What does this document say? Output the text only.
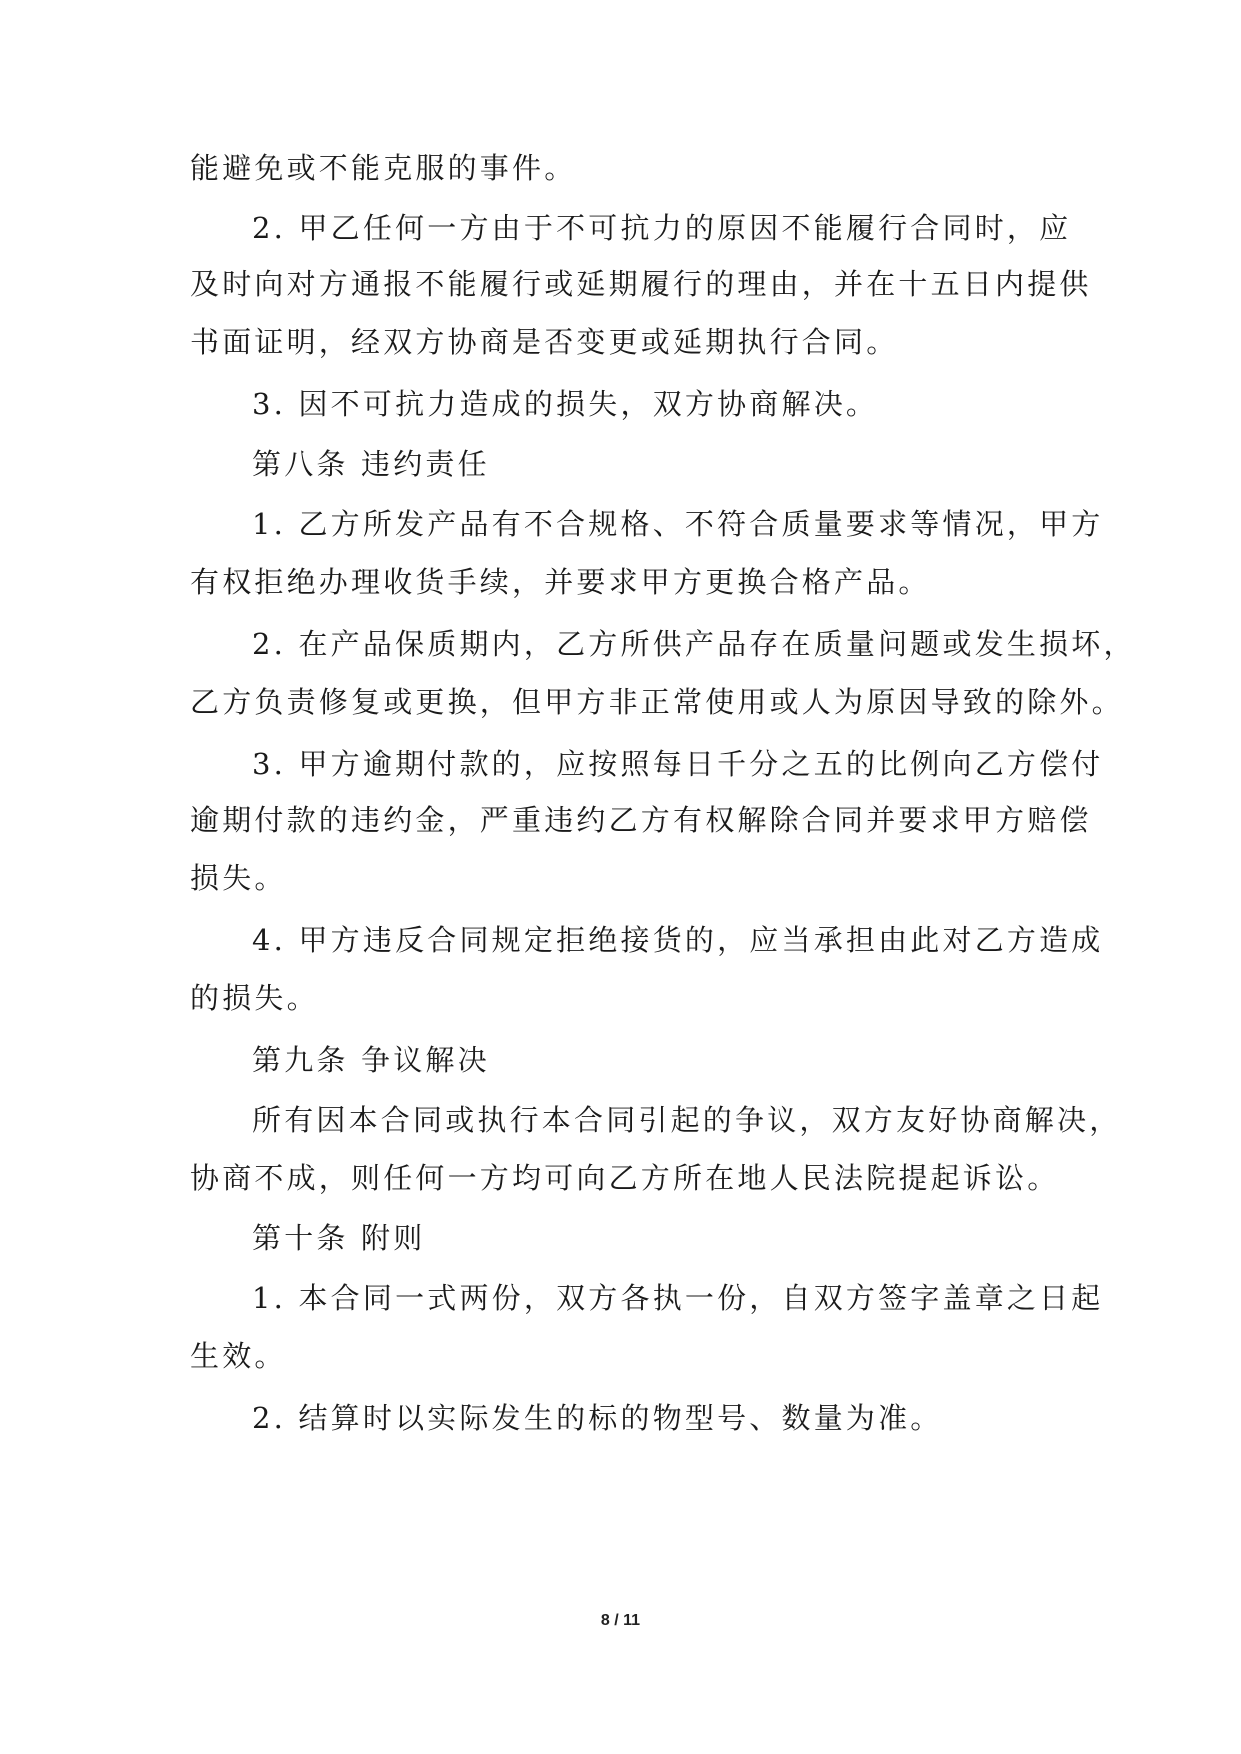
能避免或不能克服的事件。
2. 甲乙任何一方由于不可抗力的原因不能履行合同时，应
及时向对方通报不能履行或延期履行的理由，并在十五日内提供
书面证明，经双方协商是否变更或延期执行合同。
3. 因不可抗力造成的损失，双方协商解决。
第八条 违约责任
1. 乙方所发产品有不合规格、不符合质量要求等情况，甲方
有权拒绝办理收货手续，并要求甲方更换合格产品。
2. 在产品保质期内，乙方所供产品存在质量问题或发生损坏，
乙方负责修复或更换，但甲方非正常使用或人为原因导致的除外。
3. 甲方逾期付款的，应按照每日千分之五的比例向乙方偿付
逾期付款的违约金，严重违约乙方有权解除合同并要求甲方赔偿
损失。
4. 甲方违反合同规定拒绝接货的，应当承担由此对乙方造成
的损失。
第九条 争议解决
所有因本合同或执行本合同引起的争议，双方友好协商解决，
协商不成，则任何一方均可向乙方所在地人民法院提起诉讼。
第十条 附则
1. 本合同一式两份，双方各执一份，自双方签字盖章之日起
生效。
2. 结算时以实际发生的标的物型号、数量为准。
8 / 11
